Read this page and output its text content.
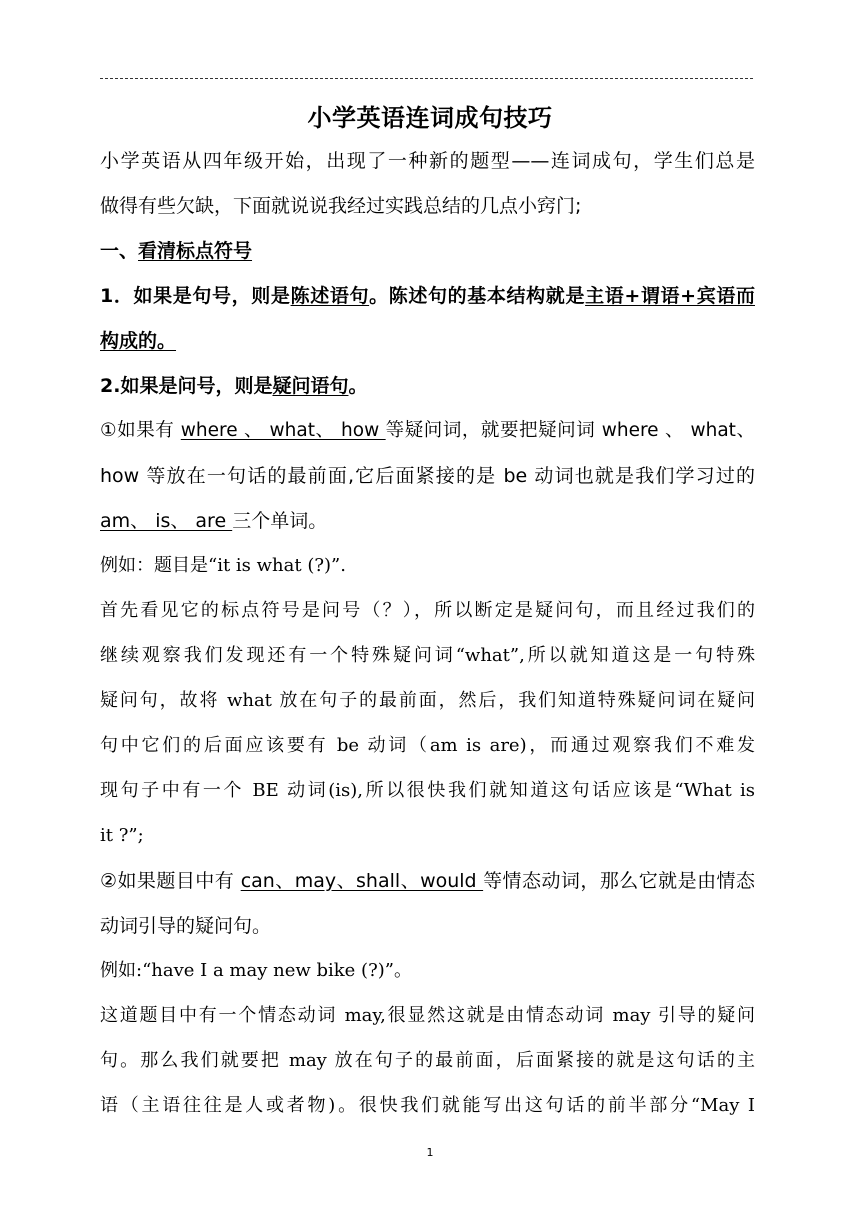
小学英语连词成句技巧
小学英语从四年级开始，出现了一种新的题型——连词成句，学生们总是
做得有些欠缺，下面就说说我经过实践总结的几点小窍门;
一、看清标点符号
1．如果是句号，则是陈述语句。陈述句的基本结构就是主语+谓语+宾语而
构成的。
2.如果是问号，则是疑问语句。
①如果有 where 、 what、 how 等疑问词，就要把疑问词 where 、 what、
how 等放在一句话的最前面,它后面紧接的是 be 动词也就是我们学习过的
am、 is、 are 三个单词。
例如：题目是“it is what (?)”.
首先看见它的标点符号是问号（？），所以断定是疑问句，而且经过我们的
继续观察我们发现还有一个特殊疑问词“what”,所以就知道这是一句特殊
疑问句，故将 what 放在句子的最前面，然后，我们知道特殊疑问词在疑问
句中它们的后面应该要有 be 动词（am is are)，而通过观察我们不难发
现句子中有一个 BE 动词(is),所以很快我们就知道这句话应该是“What is
it ?”;
②如果题目中有 can、may、shall、would 等情态动词，那么它就是由情态
动词引导的疑问句。
例如:“have I a may new bike (?)”。
这道题目中有一个情态动词 may,很显然这就是由情态动词 may 引导的疑问
句。那么我们就要把 may 放在句子的最前面，后面紧接的就是这句话的主
语（主语往往是人或者物)。很快我们就能写出这句话的前半部分“May I
1
